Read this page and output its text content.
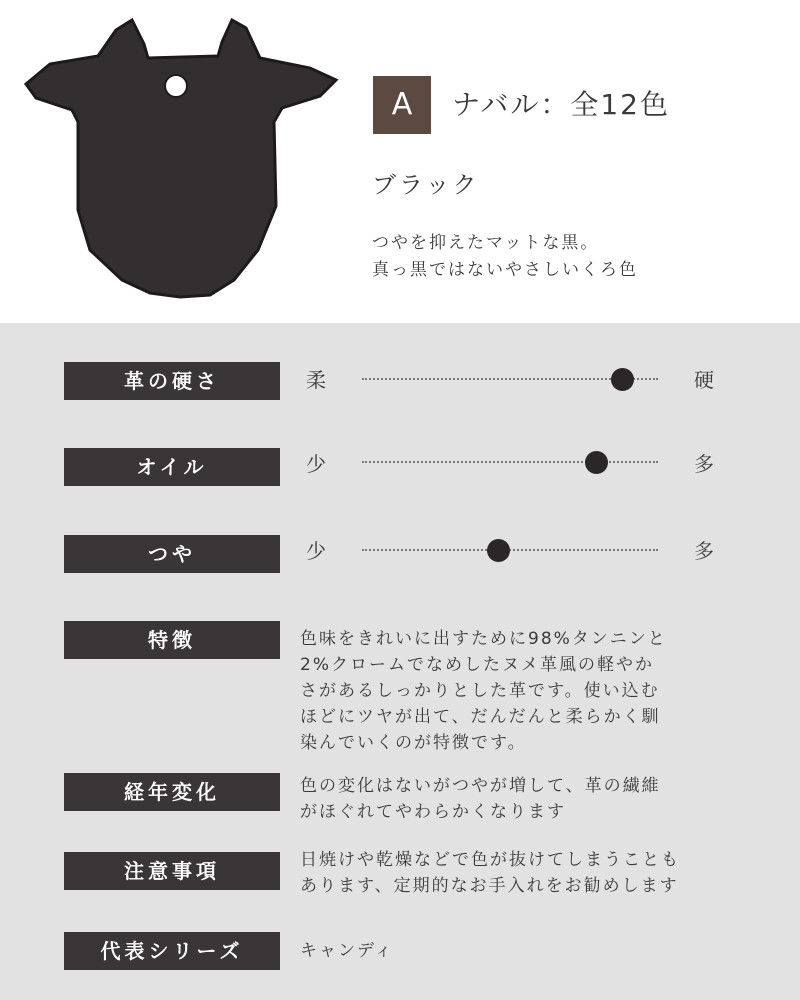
A	ナバル：全12色
ブラック
つやを抑えたマットな黒。
真っ黒ではないやさしいくろ色
革の硬さ	柔	硬
オイル	少	多
つや	少	多
特徴	色味をきれいに出すために98%タンニンと
2%クロームでなめしたヌメ革風の軽やか
さがあるしっかりとした革です。使い込む
ほどにツヤが出て、だんだんと柔らかく馴
染んでいくのが特徴です。
経年変化	色の変化はないがつやが増して、革の繊維
がほぐれてやわらかくなります
注意事項	日焼けや乾燥などで色が抜けてしまうことも
あります、定期的なお手入れをお勧めします
代表シリーズ	キャンディ
